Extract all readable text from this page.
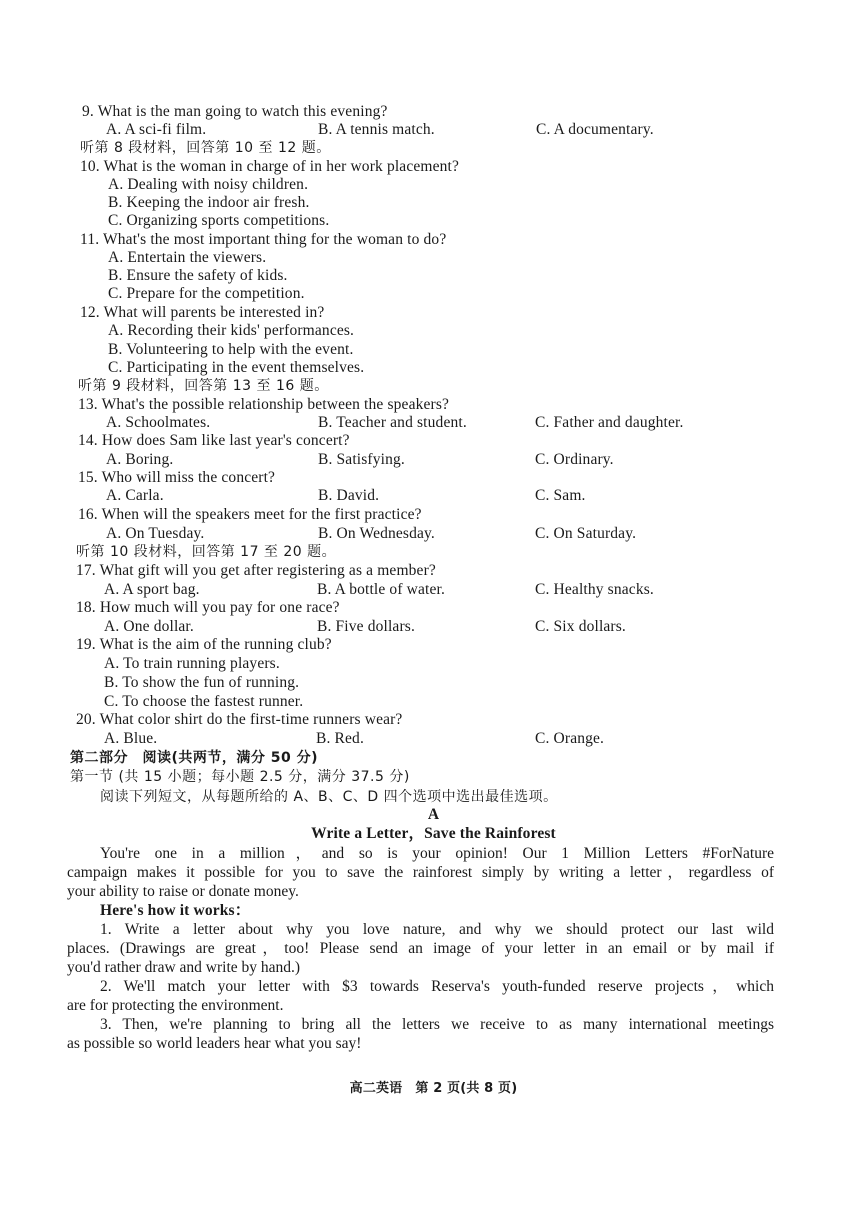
9. What is the man going to watch this evening?
A. A sci-fi film.	B. A tennis match.	C. A documentary.
听第 8 段材料，回答第 10 至 12 题。
10. What is the woman in charge of in her work placement?
A. Dealing with noisy children.
B. Keeping the indoor air fresh.
C. Organizing sports competitions.
11. What's the most important thing for the woman to do?
A. Entertain the viewers.
B. Ensure the safety of kids.
C. Prepare for the competition.
12. What will parents be interested in?
A. Recording their kids' performances.
B. Volunteering to help with the event.
C. Participating in the event themselves.
听第 9 段材料，回答第 13 至 16 题。
13. What's the possible relationship between the speakers?
A. Schoolmates.	B. Teacher and student.	C. Father and daughter.
14. How does Sam like last year's concert?
A. Boring.	B. Satisfying.	C. Ordinary.
15. Who will miss the concert?
A. Carla.	B. David.	C. Sam.
16. When will the speakers meet for the first practice?
A. On Tuesday.	B. On Wednesday.	C. On Saturday.
听第 10 段材料，回答第 17 至 20 题。
17. What gift will you get after registering as a member?
A. A sport bag.	B. A bottle of water.	C. Healthy snacks.
18. How much will you pay for one race?
A. One dollar.	B. Five dollars.	C. Six dollars.
19. What is the aim of the running club?
A. To train running players.
B. To show the fun of running.
C. To choose the fastest runner.
20. What color shirt do the first-time runners wear?
A. Blue.	B. Red.	C. Orange.
第二部分　阅读(共两节，满分 50 分)
第一节 (共 15 小题；每小题 2.5 分，满分 37.5 分)
阅读下列短文，从每题所给的 A、B、C、D 四个选项中选出最佳选项。
A
Write a Letter，Save the Rainforest
You're one in a million，and so is your opinion! Our 1 Million Letters #ForNature
campaign makes it possible for you to save the rainforest simply by writing a letter，regardless of
your ability to raise or donate money.
Here's how it works：
1. Write a letter about why you love nature, and why we should protect our last wild
places. (Drawings are great，too! Please send an image of your letter in an email or by mail if
you'd rather draw and write by hand.)
2. We'll match your letter with $3 towards Reserva's youth-funded reserve projects，which
are for protecting the environment.
3. Then, we're planning to bring all the letters we receive to as many international meetings
as possible so world leaders hear what you say!
高二英语　第 2 页(共 8 页)
